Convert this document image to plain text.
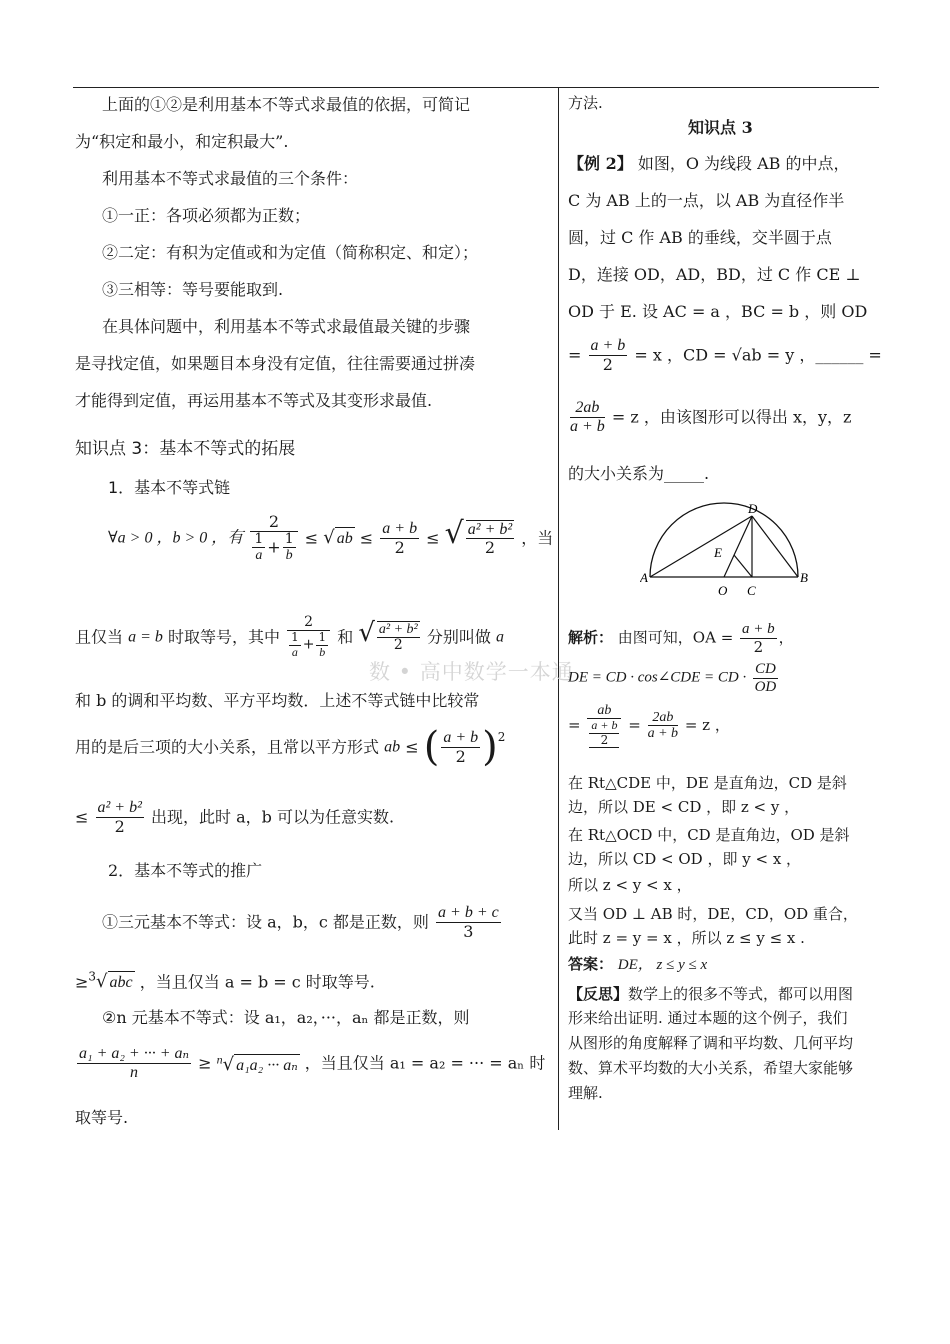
数 • 高中数学一本通
上面的①②是利用基本不等式求最值的依据，可简记
为“积定和最小，和定积最大”.
利用基本不等式求最值的三个条件：
①一正：各项必须都为正数；
②二定：有积为定值或和为定值（简称积定、和定）；
③三相等：等号要能取到.
在具体问题中，利用基本不等式求最值最关键的步骤
是寻找定值，如果题目本身没有定值，往往需要通过拼凑
才能得到定值，再运用基本不等式及其变形求最值.
知识点 3：基本不等式的拓展
1．基本不等式链
∀a > 0 ，b > 0 ，有 $\frac{2}{\frac{1}{a} + \frac{1}{b}}$ ≤ √ ab ≤ $\frac{a + b}{2}$ ≤ √ $\frac{\text{a² + b²}}{2}$ ，当
且仅当 a = b 时取等号，其中 $\frac{2}{\frac{1}{a} + \frac{1}{b}}$ 和 √ $\frac{\text{a² + b²}}{2}$ 分别叫做 a
和 b 的调和平均数、平方平均数．上述不等式链中比较常
用的是后三项的大小关系，且常以平方形式 ab ≤ ( $\frac{a + b}{2} )^2$
≤ $\frac{\text{a² + b²}}{2}$ 出现，此时 a，b 可以为任意实数.
2．基本不等式的推广
①三元基本不等式：设 a，b，c 都是正数，则 $\frac{a + b + c}{3}$
≥$^3$√ abc ，当且仅当 a = b = c 时取等号.
②n 元基本不等式：设 a₁，a₂，···，aₙ 都是正数，则
$\frac{\text{a₁ + a₂ + ··· + aₙ}}{n} \ge ^n√$ a₁a₂ ··· aₙ ，当且仅当 a₁ = a₂ = ··· = aₙ 时
取等号.
方法.
知识点 3
【例 2】 如图，O 为线段 AB 的中点，
C 为 AB 上的一点，以 AB 为直径作半
圆，过 C 作 AB 的垂线，交半圆于点
D，连接 OD，AD，BD，过 C 作 CE ⊥
OD 于 E. 设 AC = a ，BC = b ，则 OD
= $\frac{a + b}{2} = x$ ，CD = √ab = y ，______ =
$\frac{2ab}{a + b} = z$ ，由该图形可以得出 x，y，z
的大小关系为_____.
D
E
A
O C
B
解析： 由图可知，OA = $\frac{a + b}{2}$ ，
DE = CD · cos∠CDE = CD · $\frac{CD}{OD}$
= $\frac{ab}{\frac{a + b}{2}} = \frac{2ab}{a + b} = z$ ，
在 Rt△CDE 中，DE 是直角边，CD 是斜
边，所以 DE < CD ，即 z < y ，
在 Rt△OCD 中，CD 是直角边，OD 是斜
边，所以 CD < OD ，即 y < x ，
所以 z < y < x ，
又当 OD ⊥ AB 时，DE，CD，OD 重合，
此时 z = y = x ，所以 z ≤ y ≤ x .
答案： DE， z ≤ y ≤ x
【反思】数学上的很多不等式，都可以用图
形来给出证明. 通过本题的这个例子，我们
从图形的角度解释了调和平均数、几何平均
数、算术平均数的大小关系，希望大家能够
理解.
